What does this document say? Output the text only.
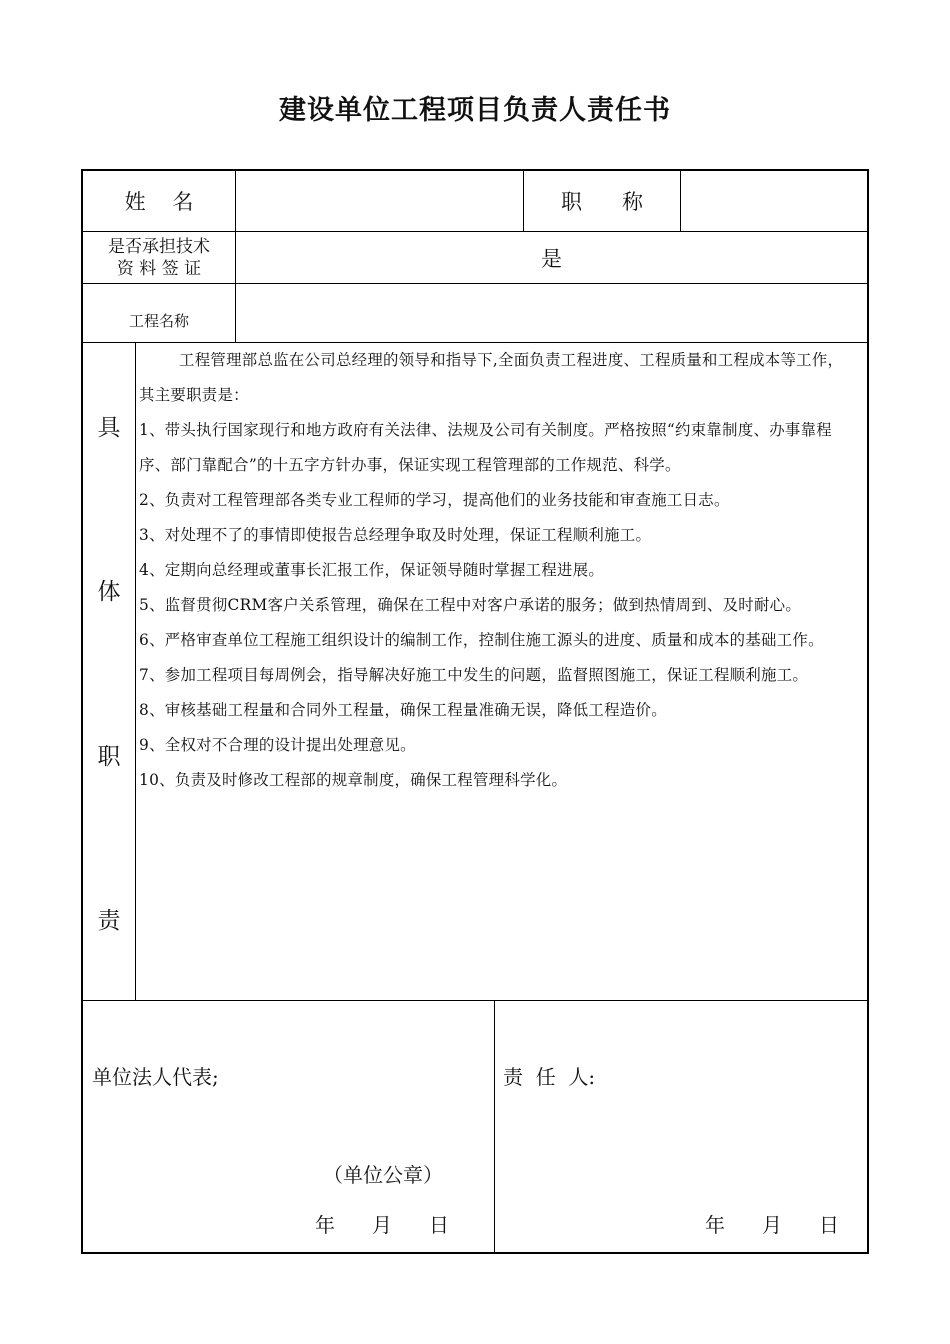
建设单位工程项目负责人责任书
姓    名	职      称
是否承担技术
资 料 签 证	是
工程名称
具
体
职
责

工程管理部总监在公司总经理的领导和指导下,全面负责工程进度、工程质量和工程成本等工作，其主要职责是：

1、带头执行国家现行和地方政府有关法律、法规及公司有关制度。严格按照“约束靠制度、办事靠程序、部门靠配合”的十五字方针办事，保证实现工程管理部的工作规范、科学。

2、负责对工程管理部各类专业工程师的学习，提高他们的业务技能和审查施工日志。

3、对处理不了的事情即使报告总经理争取及时处理，保证工程顺利施工。

4、定期向总经理或董事长汇报工作，保证领导随时掌握工程进展。

5、监督贯彻CRM客户关系管理，确保在工程中对客户承诺的服务；做到热情周到、及时耐心。

6、严格审查单位工程施工组织设计的编制工作，控制住施工源头的进度、质量和成本的基础工作。

7、参加工程项目每周例会，指导解决好施工中发生的问题，监督照图施工，保证工程顺利施工。

8、审核基础工程量和合同外工程量，确保工程量准确无误，降低工程造价。

9、全权对不合理的设计提出处理意见。

10、负责及时修改工程部的规章制度，确保工程管理科学化。

单位法人代表;
（单位公章）
年	月	日
责  任  人:
年	月	日
